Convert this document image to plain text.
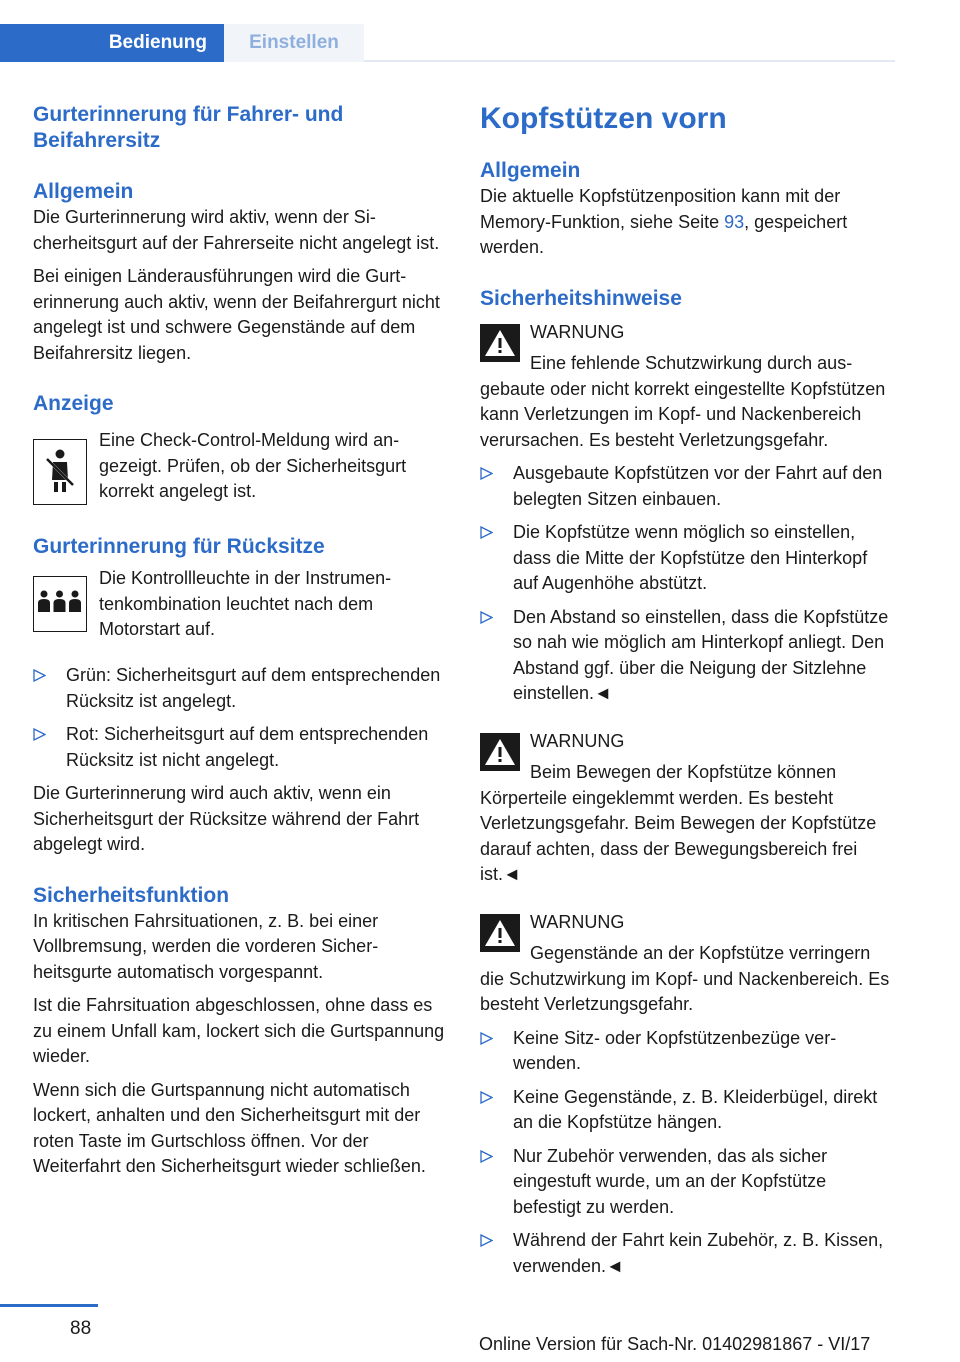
Bedienung	Einstellen
Gurterinnerung für Fahrer- und Beifahrersitz
Allgemein

Die Gurterinnerung wird aktiv, wenn der Sicherheitsgurt auf der Fahrerseite nicht angelegt ist.

Bei einigen Länderausführungen wird die Gurterinnerung auch aktiv, wenn der Beifahrergurt nicht angelegt ist und schwere Gegenstände auf dem Beifahrersitz liegen.

Anzeige
Eine Check-Control-Meldung wird angezeigt. Prüfen, ob der Sicherheitsgurt korrekt angelegt ist.
Gurterinnerung für Rücksitze
Die Kontrollleuchte in der Instrumentenkombination leuchtet nach dem Motorstart auf.
Grün: Sicherheitsgurt auf dem entsprechenden Rücksitz ist angelegt.
Rot: Sicherheitsgurt auf dem entsprechenden Rücksitz ist nicht angelegt.

Die Gurterinnerung wird auch aktiv, wenn ein Sicherheitsgurt der Rücksitze während der Fahrt abgelegt wird.

Sicherheitsfunktion

In kritischen Fahrsituationen, z. B. bei einer Vollbremsung, werden die vorderen Sicherheitsgurte automatisch vorgespannt.

Ist die Fahrsituation abgeschlossen, ohne dass es zu einem Unfall kam, lockert sich die Gurtspannung wieder.

Wenn sich die Gurtspannung nicht automatisch lockert, anhalten und den Sicherheitsgurt mit der roten Taste im Gurtschloss öffnen. Vor der Weiterfahrt den Sicherheitsgurt wieder schließen.

Kopfstützen vorn
Allgemein

Die aktuelle Kopfstützenposition kann mit der Memory-Funktion, siehe Seite 93, gespeichert werden.

Sicherheitshinweise
WARNUNG
Eine fehlende Schutzwirkung durch ausgebaute oder nicht korrekt eingestellte Kopfstützen kann Verletzungen im Kopf- und Nackenbereich verursachen. Es besteht Verletzungsgefahr.
Ausgebaute Kopfstützen vor der Fahrt auf den belegten Sitzen einbauen.
Die Kopfstütze wenn möglich so einstellen, dass die Mitte der Kopfstütze den Hinterkopf auf Augenhöhe abstützt.
Den Abstand so einstellen, dass die Kopfstütze so nah wie möglich am Hinterkopf anliegt. Den Abstand ggf. über die Neigung der Sitzlehne einstellen.◄
WARNUNG
Beim Bewegen der Kopfstütze können Körperteile eingeklemmt werden. Es besteht Verletzungsgefahr. Beim Bewegen der Kopfstütze darauf achten, dass der Bewegungsbereich frei ist.◄
WARNUNG
Gegenstände an der Kopfstütze verringern die Schutzwirkung im Kopf- und Nackenbereich. Es besteht Verletzungsgefahr.
Keine Sitz- oder Kopfstützenbezüge verwenden.
Keine Gegenstände, z. B. Kleiderbügel, direkt an die Kopfstütze hängen.
Nur Zubehör verwenden, das als sicher eingestuft wurde, um an der Kopfstütze befestigt zu werden.
Während der Fahrt kein Zubehör, z. B. Kissen, verwenden.◄
88
Online Version für Sach-Nr. 01402981867 - VI/17
